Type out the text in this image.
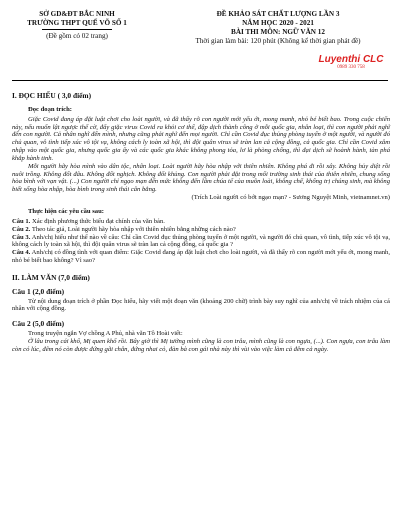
SỞ GD&ĐT BẮC NINH
TRƯỜNG THPT QUẾ VÕ SỐ 1
(Đề gồm có 02 trang)
ĐỀ KHẢO SÁT CHẤT LƯỢNG LẦN 3
NĂM HỌC 2020 - 2021
BÀI THI MÔN: NGỮ VĂN 12
Thời gian làm bài: 120 phút (Không kể thời gian phát đề)
Luyenthi CLC
0989 330 758
I. ĐỌC HIỂU ( 3,0 điểm)
Đọc đoạn trích:

Giặc Covid đang áp đặt luật chơi cho loài người, và đã thấy rõ con người mới yếu ớt, mong manh, nhỏ bé biết bao. Trong cuộc chiến này, nếu muốn lật ngược thế cờ, đẩy giặc virus Covid ra khỏi cơ thể, đập dịch thành công ở mỗi quốc gia, nhân loại, thì con người phải nghĩ đến con người. Cả nhân nghĩ đến mình, nhưng cũng phải nghĩ đến mọi người. Chỉ cần Covid đục thủng phòng tuyến ở một người, và người đó chủ quan, vô tình tiếp xúc vô tội vạ, không cách ly toàn xã hội, thì đội quân virus sẽ tràn lan cả cộng đồng, cả quốc gia. Chỉ cần Covid xâm nhập vào một quốc gia, nhưng quốc gia ấy và các quốc gia khác không phong tỏa, lơ là phòng chống, thì đại dịch sẽ hoành hành, tàn phá khắp hành tinh.

Mỗi người hãy hòa mình vào dân tộc, nhân loại. Loài người hãy hòa nhập với thiên nhiên. Không phá đi rồi xây. Không hủy diệt rồi nuôi trồng. Không đốt đâu. Không đốt nghịch. Không đốt khủng. Con người phải đặt trong mối trường sinh thái của thiên nhiên, chung sống hòa bình với vạn vật. (...) Con người chỉ ngạo mạn đến mức không đến lâm chúa tể của muôn loài, không chế, khống trị chúng sinh, mà không biết sống hòa nhập, hòa bình trong sinh thái cân bằng.

(Trích Loài người có bớt ngạo mạn? - Sương Nguyệt Minh, vietnamnet.vn)

Thực hiện các yêu cầu sau:

Câu 1. Xác định phương thức biểu đạt chính của văn bản.

Câu 2. Theo tác giả, Loài người hãy hòa nhập với thiên nhiên bằng những cách nào?

Câu 3. Anh/chị hiểu như thế nào về câu: Chỉ cần Covid đục thủng phòng tuyến ở một người, và người đó chủ quan, vô tình, tiếp xúc vô tội vạ, không cách ly toàn xã hội, thì đội quân virus sẽ tràn lan cả cộng đồng, cả quốc gia ?

Câu 4. Anh/chị có đồng tình với quan điểm: Giặc Covid đang áp đặt luật chơi cho loài người, và đã thấy rõ con người mới yếu ớt, mong manh, nhỏ bé biết bao không? Vì sao?

II. LÀM VĂN (7,0 điểm)
Câu 1 (2,0 điểm)

Từ nội dung đoạn trích ở phần Đọc hiểu, hãy viết một đoạn văn (khoảng 200 chữ) trình bày suy nghĩ của anh/chị về trách nhiệm của cá nhân với cộng đồng.

Câu 2 (5,0 điểm)

Trong truyện ngắn Vợ chồng A Phủ, nhà văn Tô Hoài viết:

Ở lâu trong cái khổ, Mị quen khổ rồi. Bây giờ thì Mị tưởng mình cũng là con trâu, mình cũng là con ngựa, (...). Con ngựa, con trâu làm còn có lúc, đêm nó còn được đứng gãi chân, đứng nhai cỏ, đàn bà con gái nhà này thì vùi vào việc làm cả đêm cả ngày.
